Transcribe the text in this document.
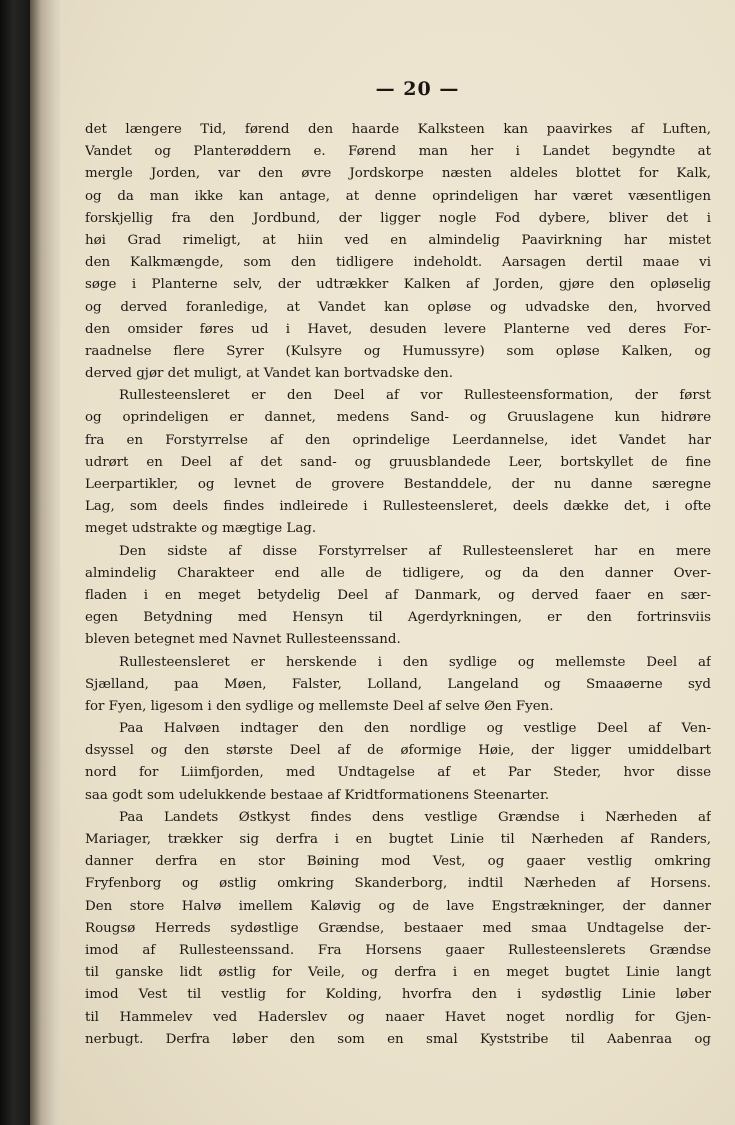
— 20 —
det længere Tid, førend den haarde Kalksteen kan paavirkes af Luften,
Vandet og Planterøddern e. Førend man her i Landet begyndte at
mergle Jorden, var den øvre Jordskorpe næsten aldeles blottet for Kalk,
og da man ikke kan antage, at denne oprindeligen har været væsentligen
forskjellig fra den Jordbund, der ligger nogle Fod dybere, bliver det i
høi Grad rimeligt, at hiin ved en almindelig Paavirkning har mistet
den Kalkmængde, som den tidligere indeholdt. Aarsagen dertil maae vi
søge i Planterne selv, der udtrækker Kalken af Jorden, gjøre den opløselig
og derved foranledige, at Vandet kan opløse og udvadske den, hvorved
den omsider føres ud i Havet, desuden levere Planterne ved deres For-
raadnelse flere Syrer (Kulsyre og Humussyre) som opløse Kalken, og
derved gjør det muligt, at Vandet kan bortvadske den.
Rullesteensleret er den Deel af vor Rullesteensformation, der først
og oprindeligen er dannet, medens Sand- og Gruuslagene kun hidrøre
fra en Forstyrrelse af den oprindelige Leerdannelse, idet Vandet har
udrørt en Deel af det sand- og gruusblandede Leer, bortskyllet de fine
Leerpartikler, og levnet de grovere Bestanddele, der nu danne særegne
Lag, som deels findes indleirede i Rullesteensleret, deels dække det, i ofte
meget udstrakte og mægtige Lag.
Den sidste af disse Forstyrrelser af Rullesteensleret har en mere
almindelig Charakteer end alle de tidligere, og da den danner Over-
fladen i en meget betydelig Deel af Danmark, og derved faaer en sær-
egen Betydning med Hensyn til Agerdyrkningen, er den fortrinsviis
bleven betegnet med Navnet Rullesteenssand.
Rullesteensleret er herskende i den sydlige og mellemste Deel af
Sjælland, paa Møen, Falster, Lolland, Langeland og Smaaøerne syd
for Fyen, ligesom i den sydlige og mellemste Deel af selve Øen Fyen.
Paa Halvøen indtager den den nordlige og vestlige Deel af Ven-
dsyssel og den største Deel af de øformige Høie, der ligger umiddelbart
nord for Liimfjorden, med Undtagelse af et Par Steder, hvor disse
saa godt som udelukkende bestaae af Kridtformationens Steenarter.
Paa Landets Østkyst findes dens vestlige Grændse i Nærheden af
Mariager, trækker sig derfra i en bugtet Linie til Nærheden af Randers,
danner derfra en stor Bøining mod Vest, og gaaer vestlig omkring
Fryfenborg og østlig omkring Skanderborg, indtil Nærheden af Horsens.
Den store Halvø imellem Kaløvig og de lave Engstrækninger, der danner
Rougsø Herreds sydøstlige Grændse, bestaaer med smaa Undtagelse der-
imod af Rullesteenssand. Fra Horsens gaaer Rullesteenslerets Grændse
til ganske lidt østlig for Veile, og derfra i en meget bugtet Linie langt
imod Vest til vestlig for Kolding, hvorfra den i sydøstlig Linie løber
til Hammelev ved Haderslev og naaer Havet noget nordlig for Gjen-
nerbugt. Derfra løber den som en smal Kyststribe til Aabenraa og
